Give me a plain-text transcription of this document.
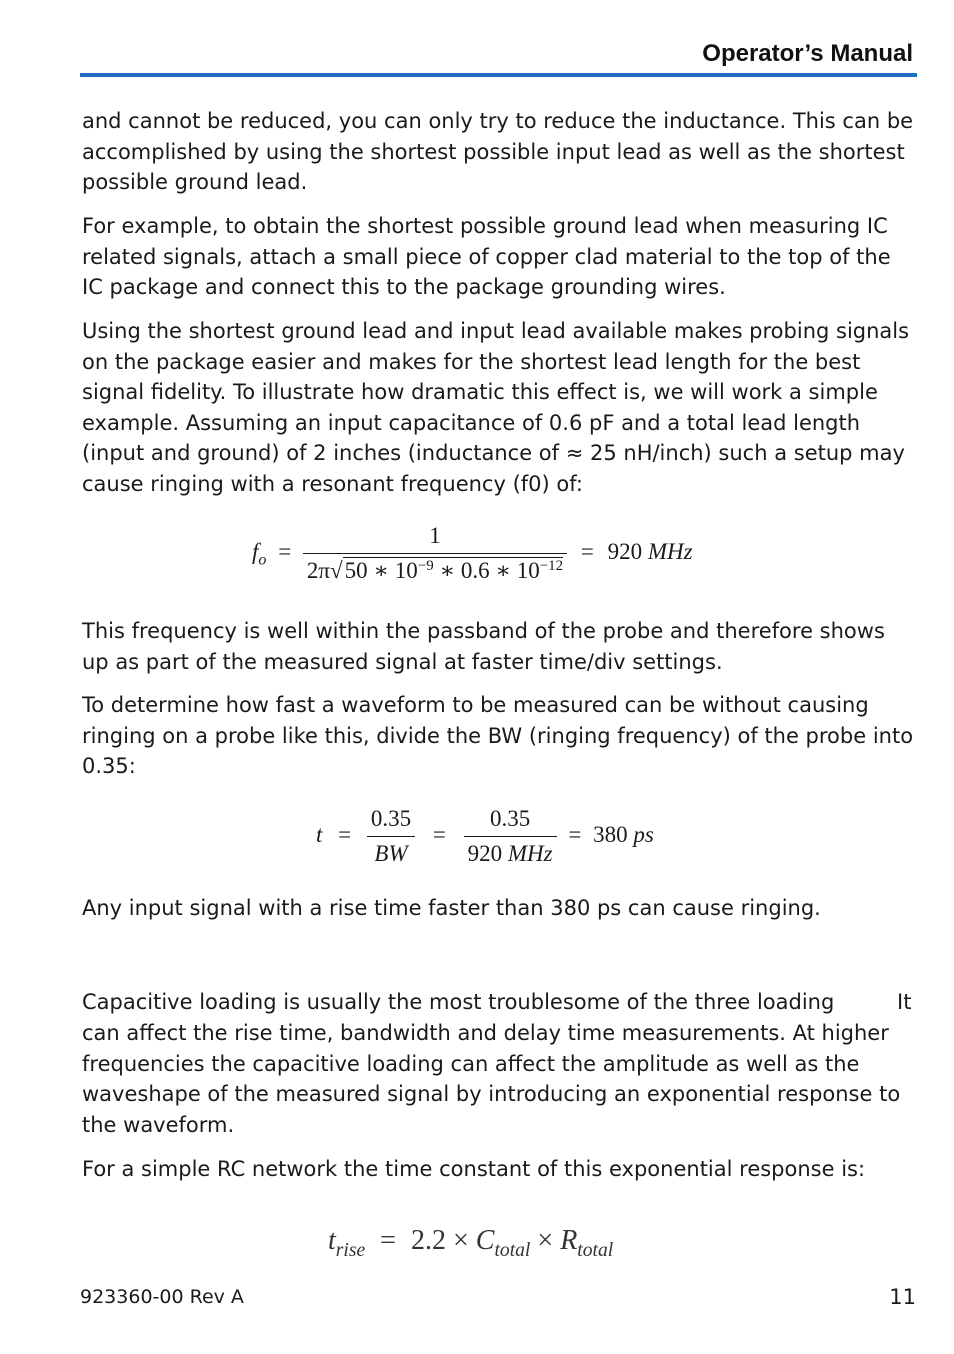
Operator’s Manual

and cannot be reduced, you can only try to reduce the inductance. This can be accomplished by using the shortest possible input lead as well as the shortest possible ground lead.

For example, to obtain the shortest possible ground lead when measuring IC related signals, attach a small piece of copper clad material to the top of the IC package and connect this to the package grounding wires.

Using the shortest ground lead and input lead available makes probing signals on the package easier and makes for the shortest lead length for the best signal fidelity. To illustrate how dramatic this effect is, we will work a simple example. Assuming an input capacitance of 0.6 pF and a total lead length (input and ground) of 2 inches (inductance of ≈ 25 nH/inch) such a setup may cause ringing with a resonant frequency (f0) of:

$f_o = \frac{1}{2\pi√50 ∗ 10^{-9} ∗ 0.6 ∗ 10^{-12}} = 920$ MHz

This frequency is well within the passband of the probe and therefore shows up as part of the measured signal at faster time/div settings.

To determine how fast a waveform to be measured can be without causing ringing on a probe like this, divide the BW (ringing frequency) of the probe into 0.35:

$t = \frac{0.35}{BW} = \frac{0.35}{\text{920 MHz}} = 380$ ps

Any input signal with a rise time faster than 380 ps can cause ringing.

Capacitive loading is usually the most troublesome of the three loading	It

can affect the rise time, bandwidth and delay time measurements. At higher frequencies the capacitive loading can affect the amplitude as well as the waveshape of the measured signal by introducing an exponential response to the waveform.

For a simple RC network the time constant of this exponential response is:

$t_{rise} = 2.2 \times C_{total} \times R_{total}$
923360-00 Rev A	11
